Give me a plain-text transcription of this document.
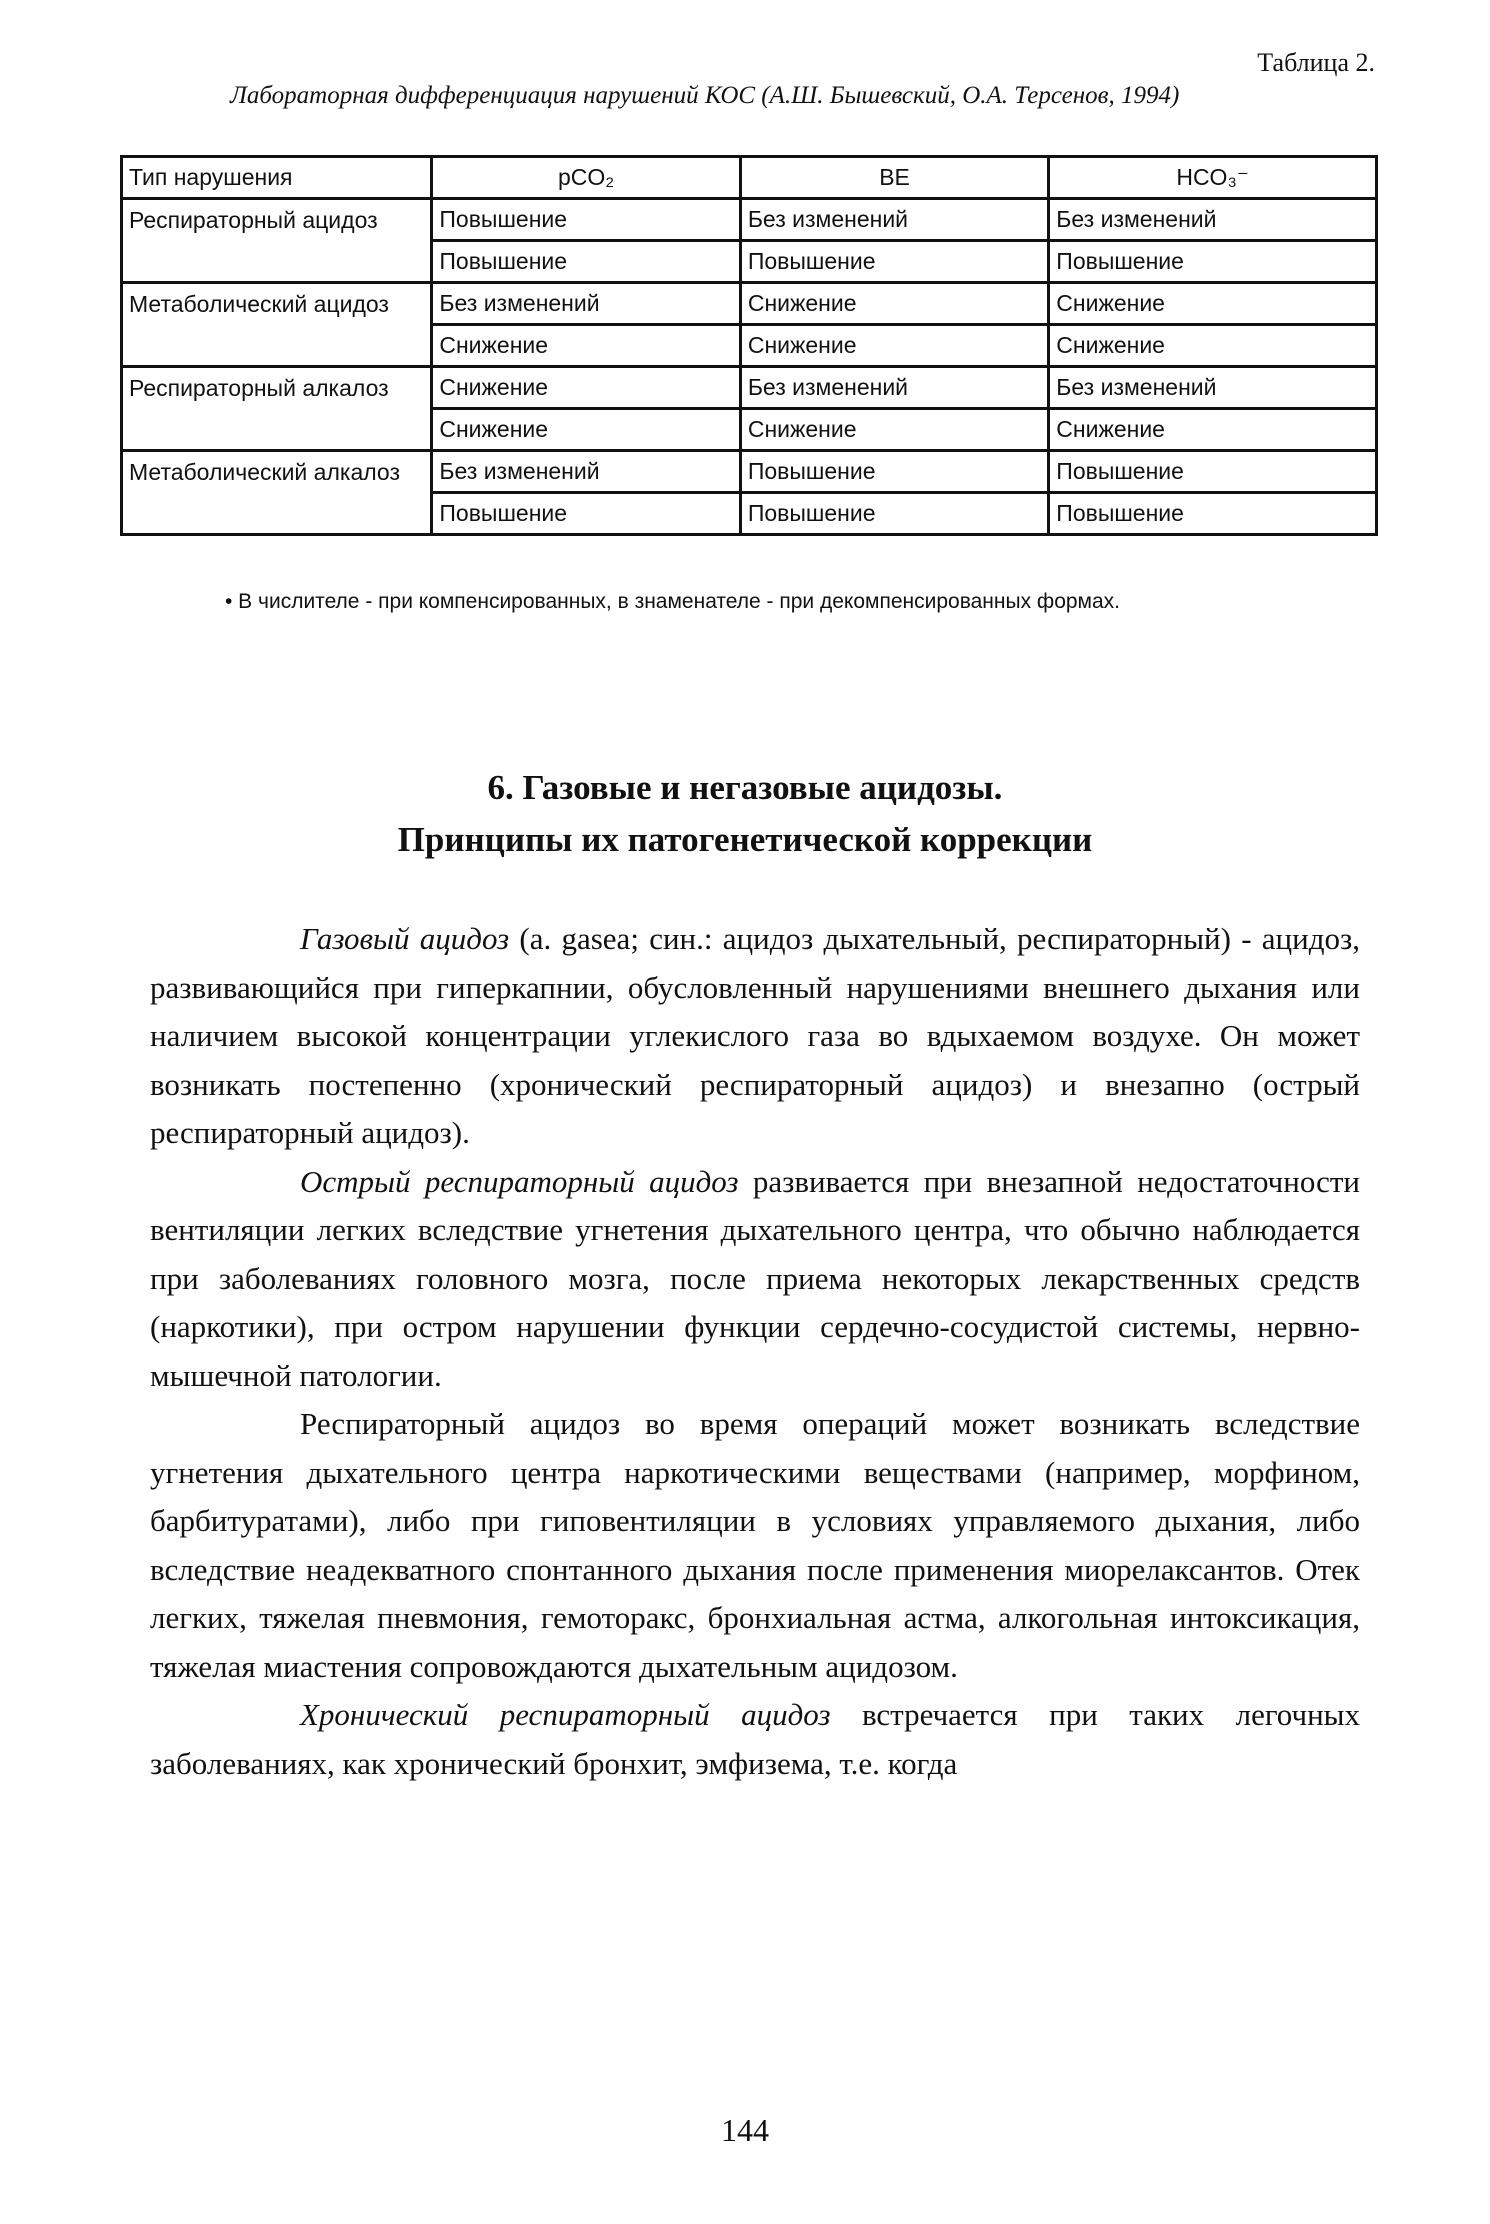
Таблица 2.
Лабораторная дифференциация нарушений КОС (А.Ш. Бышевский, О.А. Терсенов, 1994)
Тип нарушения	pCO₂	BE	HCO₃⁻
Респираторный ацидоз	Повышение	Без изменений	Без изменений
	Повышение	Повышение	Повышение
Метаболический ацидоз	Без изменений	Снижение	Снижение
	Снижение	Снижение	Снижение
Респираторный алкалоз	Снижение	Без изменений	Без изменений
	Снижение	Снижение	Снижение
Метаболический алкалоз	Без изменений	Повышение	Повышение
	Повышение	Повышение	Повышение
• В числителе - при компенсированных, в знаменателе - при декомпенсированных формах.
6. Газовые и негазовые ацидозы.
Принципы их патогенетической коррекции

Газовый ацидоз (a. gasea; син.: ацидоз дыхательный, респираторный) - ацидоз, развивающийся при гиперкапнии, обусловленный нарушениями внешнего дыхания или наличием высокой концентрации углекислого газа во вдыхаемом воздухе. Он может возникать постепенно (хронический респираторный ацидоз) и внезапно (острый респираторный ацидоз).

Острый респираторный ацидоз развивается при внезапной недостаточности вентиляции легких вследствие угнетения дыхательного центра, что обычно наблюдается при заболеваниях головного мозга, после приема некоторых лекарственных средств (наркотики), при остром нарушении функции сердечно-сосудистой системы, нервно-мышечной патологии.

Респираторный ацидоз во время операций может возникать вследствие угнетения дыхательного центра наркотическими веществами (например, морфином, барбитуратами), либо при гиповентиляции в условиях управляемого дыхания, либо вследствие неадекватного спонтанного дыхания после применения миорелаксантов. Отек легких, тяжелая пневмония, гемоторакс, бронхиальная астма, алкогольная интоксикация, тяжелая миастения сопровождаются дыхательным ацидозом.

Хронический респираторный ацидоз встречается при таких легочных заболеваниях, как хронический бронхит, эмфизема, т.е. когда

144
